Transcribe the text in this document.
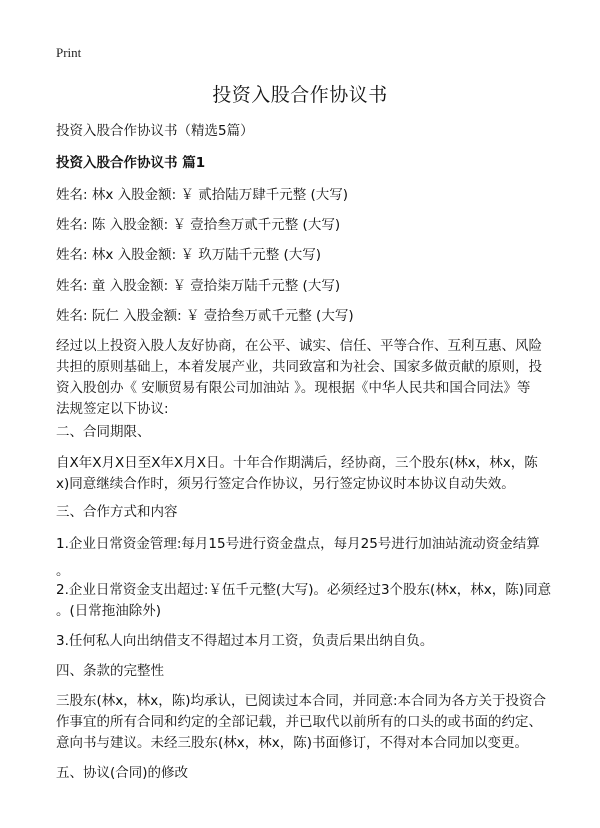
Print
投资入股合作协议书
投资入股合作协议书（精选5篇）
投资入股合作协议书 篇1
姓名: 林x 入股金额: ￥ 贰拾陆万肆千元整 (大写)
姓名: 陈 入股金额: ￥ 壹拾叁万贰千元整 (大写)
姓名: 林x 入股金额: ￥ 玖万陆千元整 (大写)
姓名: 童 入股金额: ￥ 壹拾柒万陆千元整 (大写)
姓名: 阮仁 入股金额: ￥ 壹拾叁万贰千元整 (大写)
经过以上投资入股人友好协商，在公平、诚实、信任、平等合作、互利互惠、风险
共担的原则基础上，本着发展产业，共同致富和为社会、国家多做贡献的原则，投
资入股创办《 安顺贸易有限公司加油站 》。现根据《中华人民共和国合同法》等
法规签定以下协议:
二、合同期限、
自X年X月X日至X年X月X日。十年合作期满后，经协商，三个股东(林x，林x，陈
x)同意继续合作时，须另行签定合作协议，另行签定协议时本协议自动失效。
三、合作方式和内容
1.企业日常资金管理:每月15号进行资金盘点，每月25号进行加油站流动资金结算
。
2.企业日常资金支出超过:￥伍千元整(大写)。必须经过3个股东(林x，林x，陈)同意
。(日常拖油除外)
3.任何私人向出纳借支不得超过本月工资，负责后果出纳自负。
四、条款的完整性
三股东(林x，林x，陈)均承认，已阅读过本合同，并同意:本合同为各方关于投资合
作事宜的所有合同和约定的全部记载，并已取代以前所有的口头的或书面的约定、
意向书与建议。未经三股东(林x，林x，陈)书面修订，不得对本合同加以变更。
五、协议(合同)的修改
